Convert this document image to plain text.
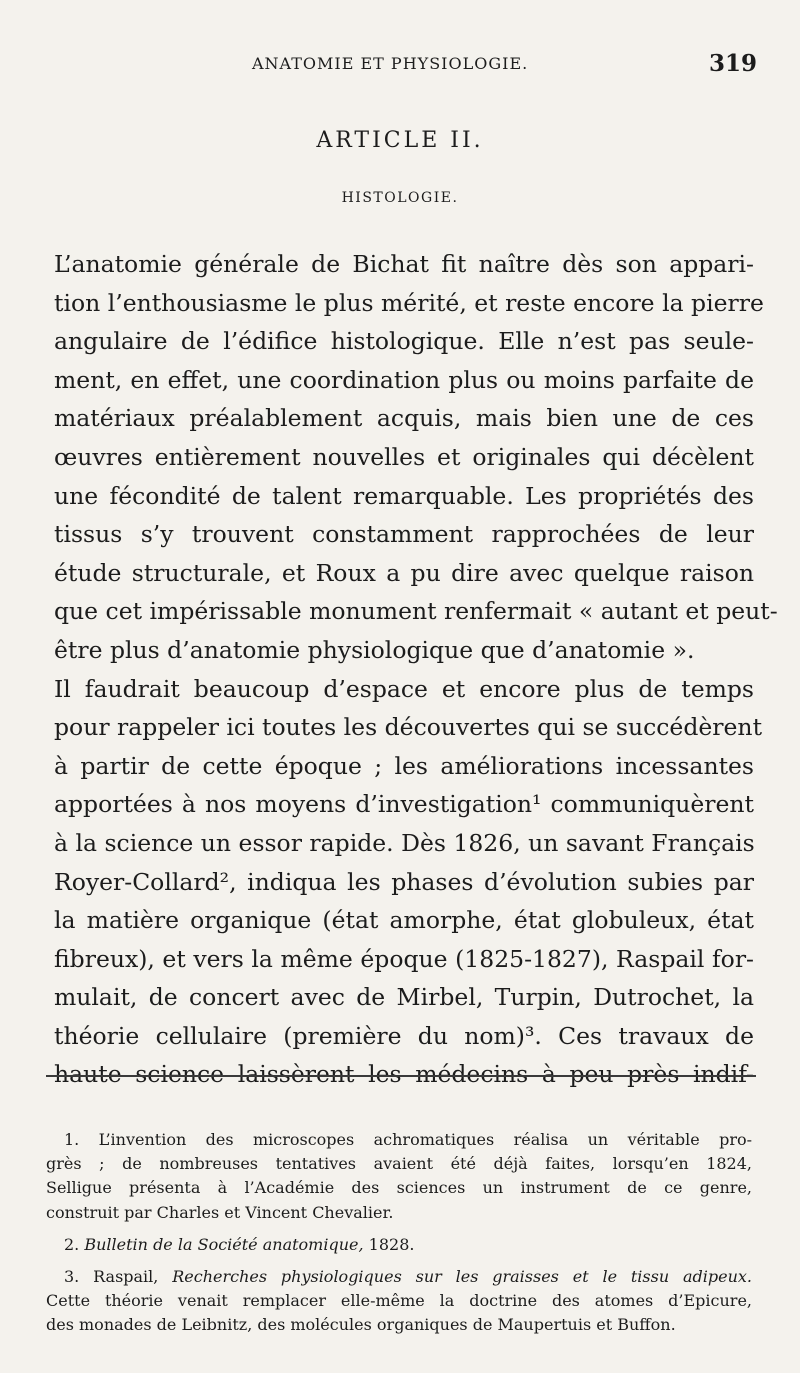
ANATOMIE ET PHYSIOLOGIE.	319
ARTICLE II.
HISTOLOGIE.
L’anatomie générale de Bichat fit naître dès son appari-
tion l’enthousiasme le plus mérité, et reste encore la pierre
angulaire de l’édifice histologique. Elle n’est pas seule-
ment, en effet, une coordination plus ou moins parfaite de
matériaux préalablement acquis, mais bien une de ces
œuvres entièrement nouvelles et originales qui décèlent
une fécondité de talent remarquable. Les propriétés des
tissus s’y trouvent constamment rapprochées de leur
étude structurale, et Roux a pu dire avec quelque raison
que cet impérissable monument renfermait « autant et peut-
être plus d’anatomie physiologique que d’anatomie ».
Il faudrait beaucoup d’espace et encore plus de temps
pour rappeler ici toutes les découvertes qui se succédèrent
à partir de cette époque ; les améliorations incessantes
apportées à nos moyens d’investigation¹ communiquèrent
à la science un essor rapide. Dès 1826, un savant Français
Royer-Collard², indiqua les phases d’évolution subies par
la matière organique (état amorphe, état globuleux, état
fibreux), et vers la même époque (1825-1827), Raspail for-
mulait, de concert avec de Mirbel, Turpin, Dutrochet, la
théorie cellulaire (première du nom)³. Ces travaux de
haute science laissèrent les médecins à peu près indif-
1. L’invention des microscopes achromatiques réalisa un véritable pro-
grès ; de nombreuses tentatives avaient été déjà faites, lorsqu’en 1824,
Selligue présenta à l’Académie des sciences un instrument de ce genre,
construit par Charles et Vincent Chevalier.
2. Bulletin de la Société anatomique, 1828.
3. Raspail, Recherches physiologiques sur les graisses et le tissu adipeux.
Cette théorie venait remplacer elle-même la doctrine des atomes d’Epicure,
des monades de Leibnitz, des molécules organiques de Maupertuis et Buffon.
